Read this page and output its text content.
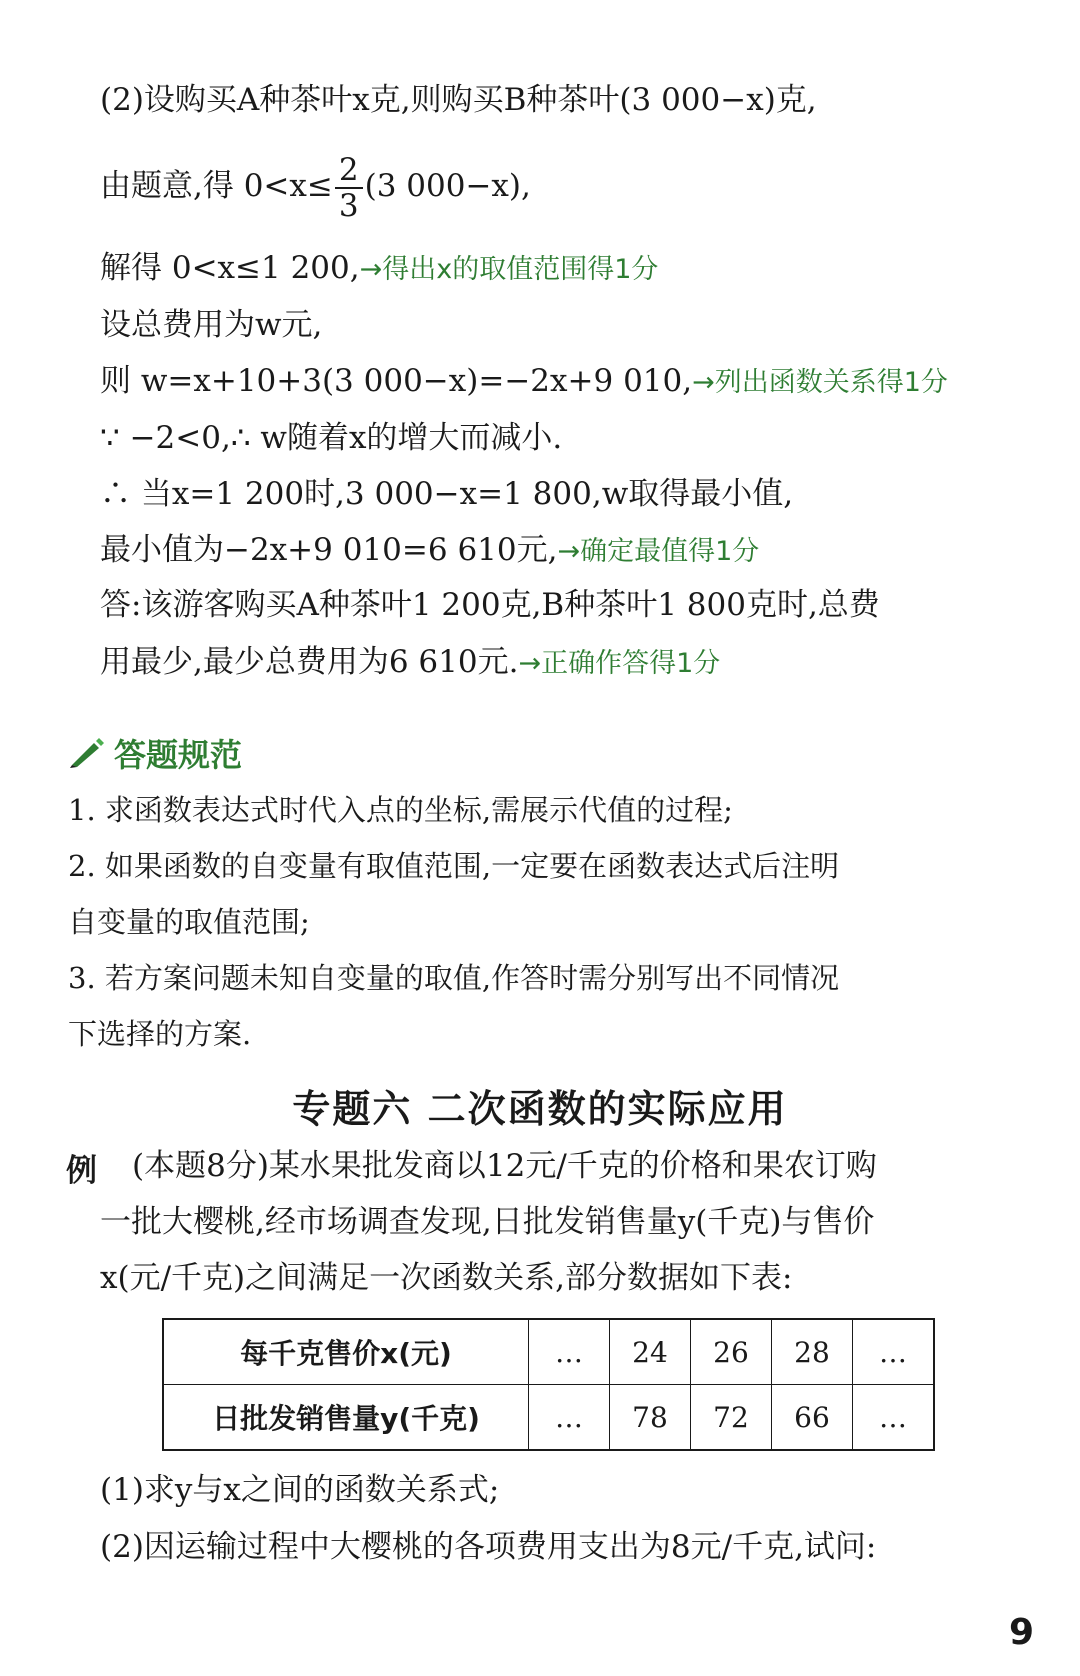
(2)设购买A种茶叶x克,则购买B种茶叶(3 000−x)克,
由题意,得 $0<x\le \frac{2}{3} (3$ 000−x),
解得 0<x≤1 200,→得出x的取值范围得1分
设总费用为w元,
则 w=x+10+3(3 000−x)=−2x+9 010,→列出函数关系得1分
∵ −2<0,∴ w随着x的增大而减小.
∴ 当x=1 200时,3 000−x=1 800,w取得最小值,
最小值为−2x+9 010=6 610元,→确定最值得1分
答:该游客购买A种茶叶1 200克,B种茶叶1 800克时,总费
用最少,最少总费用为6 610元.→正确作答得1分
答题规范
1. 求函数表达式时代入点的坐标,需展示代值的过程;
2. 如果函数的自变量有取值范围,一定要在函数表达式后注明
自变量的取值范围;
3. 若方案问题未知自变量的取值,作答时需分别写出不同情况
下选择的方案.
专题六 二次函数的实际应用
例 (本题8分)某水果批发商以12元/千克的价格和果农订购
一批大樱桃,经市场调查发现,日批发销售量y(千克)与售价
x(元/千克)之间满足一次函数关系,部分数据如下表:
每千克售价x(元)	…	24	26	28	…
日批发销售量y(千克)	…	78	72	66	…
(1)求y与x之间的函数关系式;
(2)因运输过程中大樱桃的各项费用支出为8元/千克,试问:
9
